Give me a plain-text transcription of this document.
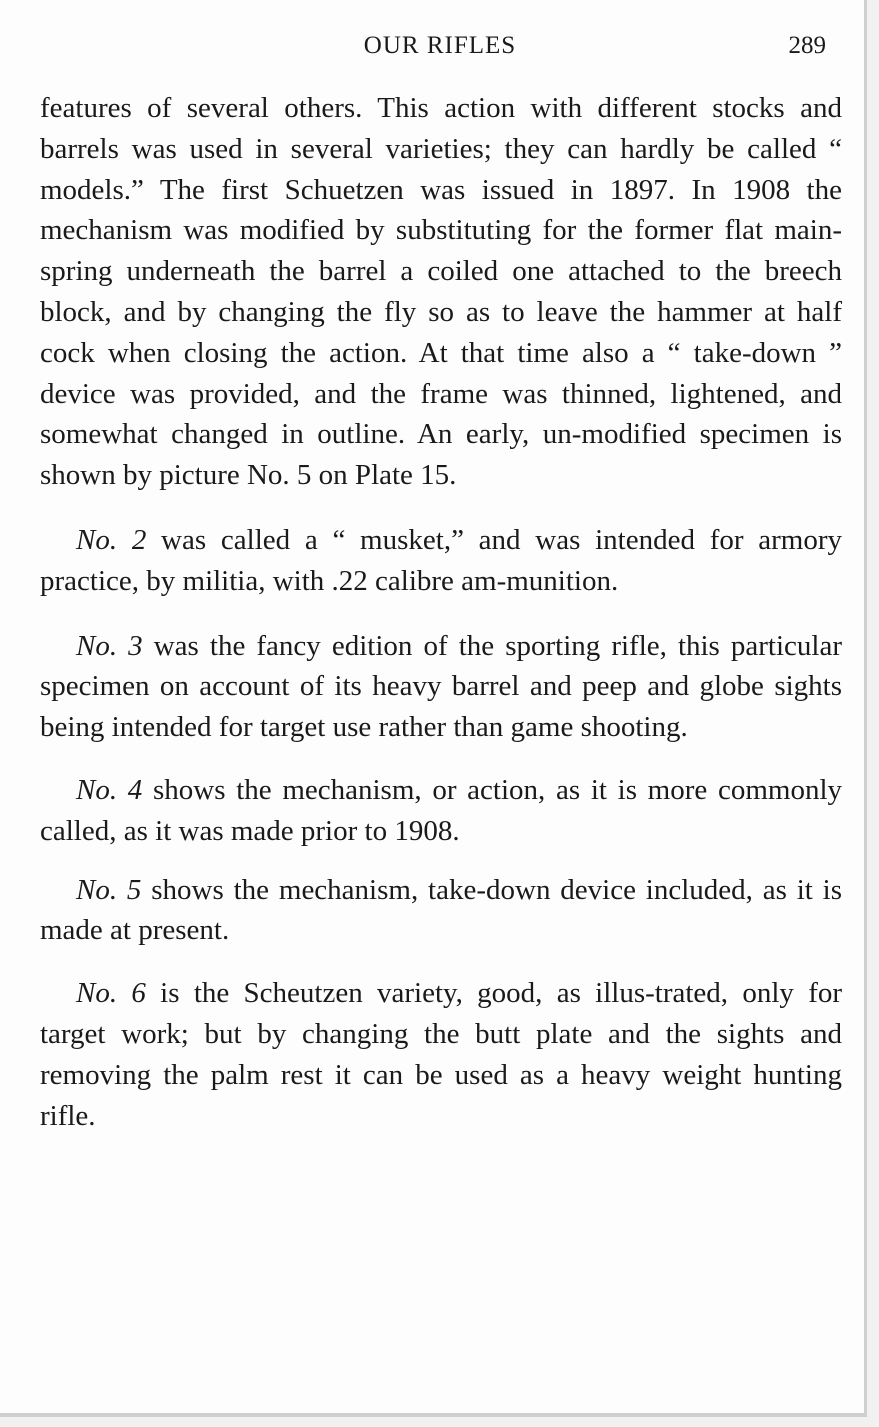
OUR RIFLES	289

features of several others. This action with different stocks and barrels was used in several varieties; they can hardly be called “ models.” The first Schuetzen was issued in 1897. In 1908 the mechanism was modified by substituting for the former flat main-spring underneath the barrel a coiled one attached to the breech block, and by changing the fly so as to leave the hammer at half cock when closing the action. At that time also a “ take-down ” device was provided, and the frame was thinned, lightened, and somewhat changed in outline. An early, un-modified specimen is shown by picture No. 5 on Plate 15.

No. 2 was called a “ musket,” and was intended for armory practice, by militia, with .22 calibre am-munition.

No. 3 was the fancy edition of the sporting rifle, this particular specimen on account of its heavy barrel and peep and globe sights being intended for target use rather than game shooting.

No. 4 shows the mechanism, or action, as it is more commonly called, as it was made prior to 1908.

No. 5 shows the mechanism, take-down device included, as it is made at present.

No. 6 is the Scheutzen variety, good, as illus-trated, only for target work; but by changing the butt plate and the sights and removing the palm rest it can be used as a heavy weight hunting rifle.
